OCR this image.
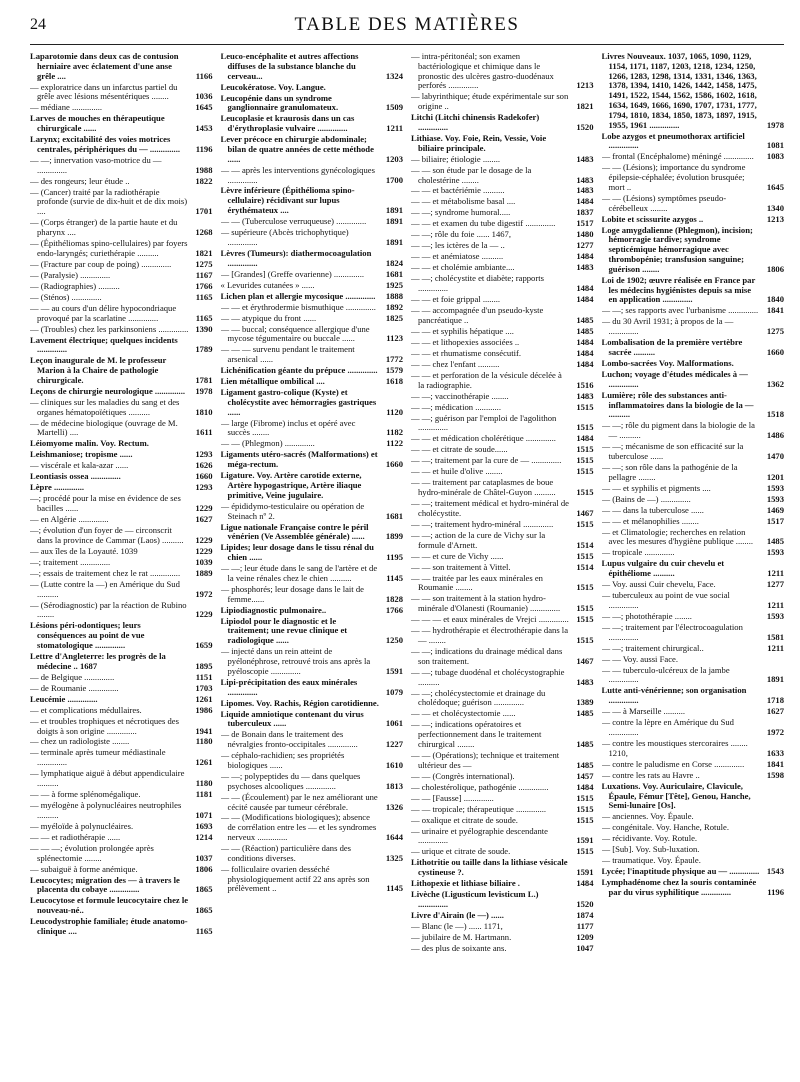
24	TABLE DES MATIÈRES
Laparotomie dans deux cas de contusion herniaire avec éclatement d'une anse grêle ....	1166
— exploratrice dans un infarctus partiel du grêle avec lésions mésentériques ........	1036
— médiane ..............	1645
Larves de mouches en thérapeutique chirurgicale ......	1453
Larynx; excitabilité des voies motrices centrales, périphériques du — ..............	1196
— —; innervation vaso-motrice du — ..............	1988
— des rongeurs; leur étude ..	1822
— (Cancer) traité par la radiothérapie profonde (survie de dix-huit et de dix mois) ....	1701
— (Corps étranger) de la partie haute et du pharynx ....	1268
— (Épithéliomas spino-cellulaires) par foyers endo-laryngés; curiethérapie ..........	1821
— (Fracture par coup de poing) ..............	1275
— (Paralysie) ..............	1167
— (Radiographies) ..........	1766
— (Sténos) ..............	1165
— — au cours d'un délire hypocondriaque provoqué par la scarlatine ..............	1165
— (Troubles) chez les parkinsoniens .............. 1390
Lavement électrique; quelques incidents ..............	1789
Leçon inaugurale de M. le professeur Marion à la Chaire de pathologie chirurgicale.	1781
Leçons de chirurgie neurologique ..............	1978
— cliniques sur les maladies du sang et des organes hématopoïétiques ..........	1810
— de médecine biologique (ouvrage de M. Martelli) ....	1611
Léiomyome malin. Voy. Rectum.
Leishmaniose; tropisme ......	1293
— viscérale et kala-azar ......	1626
Leontiasis ossea ..............	1660
Lèpre ..............	1293
—; procédé pour la mise en évidence de ses bacilles ......	1229
— en Algérie ..............	1627
—; évolution d'un foyer de — circonscrit dans la province de Cammar (Laos) ..........	1229
— aux îles de la Loyauté. 1039	1229
—; traitement ..............	1039
—; essais de traitement chez le rat ..............	1889
— (Lutte contre la —) en Amérique du Sud ..........	1972
— (Sérodiagnostic) par la réaction de Rubino ........	1229
Lésions péri-odontiques; leurs conséquences au point de vue stomatologique ..............	1659
Lettre d'Angleterre: les progrès de la médecine .. 1687	1895
— de Belgique ..............	1151
— de Roumanie ..............	1703
Leucémie ..............	1261
— et complications médullaires.	1986
— et troubles trophiques et nécrotiques des doigts à son origine ..............	1941
— chez un radiologiste ........	1180
— terminale après tumeur médiastinale ..............	1261
— lymphatique aiguë à début appendiculaire ..........	1180
— — à forme splénomégalique.	1181
— myélogène à polynucléaires neutrophiles ..........	1071
— myéloïde à polynucléaires.	1693
— — et radiothérapie ......	1214
— — —; évolution prolongée après splénectomie ........	1037
— subaiguë à forme anémique.	1806
Leucocytes; migration des — à travers le placenta du cobaye ..............	1865
Leucocytose et formule leucocytaire chez le nouveau-né..	1865
Leucodystrophie familiale; étude anatomo-clinique ....	1165
Leuco-encéphalite et autres affections diffuses de la substance blanche du cerveau...	1324
Leucokératose. Voy. Langue.
Leucopénie dans un syndrome ganglionnaire granulomateux.	1509
Leucoplasie et kraurosis dans un cas d'érythroplasie vulvaire ..............	1211
Lever précoce en chirurgie abdominale; bilan de quatre années de cette méthode ......	1203
— — après les interventions gynécologiques ..............	1700
Lèvre inférieure (Épithélioma spino-cellulaire) récidivant sur lupus érythémateux ....	1891
— — (Tuberculose verruqueuse) ..............	1891
— supérieure (Abcès trichophytique) ..............	1891
Lèvres (Tumeurs): diathermocoagulation ..............	1824
— [Grandes] (Greffe ovarienne) ..............	1681
« Levurides cutanées » ......	1925
Lichen plan et allergie mycosique ..............	1888
— — et érythrodermie bismuthique ..............	1892
— — atypique du front ......	1825
— — buccal; conséquence allergique d'une mycose tégumentaire ou buccale ......	1123
— — — survenu pendant le traitement arsenical ......	1772
Lichénification géante du prépuce .............. 1579
Lien métallique ombilical ....	1618
Ligament gastro-colique (Kyste) et cholécystite avec hémorragies gastriques ......	1120
— large (Fibrome) inclus et opéré avec succès ........	1182
— — (Phlegmon) ..............	1122
Ligaments utéro-sacrés (Malformations) et méga-rectum.	1660
Ligature. Voy. Artère carotide externe, Artère hypogastrique, Artère iliaque primitive, Veine jugulaire.
— épididymo-testiculaire ou opération de Steinach nº 2.	1681
Ligue nationale Française contre le péril vénérien (Ve Assemblée générale) ......	1899
Lipides; leur dosage dans le tissu rénal du chien ......	1195
— —; leur étude dans le sang de l'artère et de la veine rénales chez le chien ..........	1145
— phosphorés; leur dosage dans le lait de femme......	1828
Lipiodiagnostic pulmonaire..	1766
Lipiodol pour le diagnostic et le traitement; une revue clinique et radiologique ......	1250
— injecté dans un rein atteint de pyélonéphrose, retrouvé trois ans après la pyéloscopie ..............	1591
Lipi-précipitation des eaux minérales ..............	1079
Lipomes. Voy. Rachis, Région carotidienne.
Liquide amniotique contenant du virus tuberculeux ......	1061
— de Bonain dans le traitement des névralgies fronto-occipitales ..............	1227
— céphalo-rachidien; ses propriétés biologiques ......	1610
— —; polypeptides du — dans quelques psychoses alcooliques ..............	1813
— — (Écoulement) par le nez améliorant une cécité causée par tumeur cérébrale.	1326
— — (Modifications biologiques); absence de corrélation entre les — et les syndromes nerveux ..............	1644
— — (Réaction) particulière dans des conditions diverses.	1325
— folliculaire ovarien desséché physiologiquement actif 22 ans après son prélèvement ..	1145
— intra-péritonéal; son examen bactériologique et chimique dans le pronostic des ulcères gastro-duodénaux perforés ..............	1213
— labyrinthique; étude expérimentale sur son origine ..	1821
Litchi (Litchi chinensis Radekofer) ..............	1520
Lithiase. Voy. Foie, Rein, Vessie, Voie biliaire principale.
— biliaire; étiologie ........	1483
— — son étude par le dosage de la cholestérine ........	1483
— — et bactériémie ..........	1483
— — et métabolisme basal ....	1484
— —; syndrome humoral.....	1837
— — et examen du tube digestif ..............	1517
— —; rôle du foie ...... 1467,	1480
— —; les ictères de la — ..	1277
— — et anémiatose ..........	1484
— — et cholémie ambiante....	1483
— —; cholécystite et diabète; rapports ..............	1484
— — et foie grippal ........	1484
— — accompagnée d'un pseudo-kyste pancréatique ..	1485
— — et syphilis hépatique ....	1485
— — et lithopexies associées ..	1484
— — et rhumatisme consécutif.	1484
— — chez l'enfant ..........	1484
— — et perforation de la vésicule décelée à la radiographie.	1516
— —; vaccinothérapie ........	1483
— —; médication ............	1515
— —; guérison par l'emploi de l'agolithon ..............	1515
— — et médication cholérétique ..............	1484
— — et citrate de soude......	1515
— —; traitement par la cure de — ..............	1515
— — et huile d'olive ........	1515
— — traitement par cataplasmes de boue hydro-minérale de Châtel-Guyon ..........	1515
— —; traitement médical et hydro-minéral de cholécystite.	1467
— —; traitement hydro-minéral ..............	1515
— —; action de la cure de Vichy sur la formule d'Arnett.	1514
— — et cure de Vichy ......	1515
— — son traitement à Vittel.	1514
— — traitée par les eaux minérales en Roumanie ........	1515
— — son traitement à la station hydro-minérale d'Olanesti (Roumanie) ..............	1515
— — — et eaux minérales de Vrejci .............. 1515
— — hydrothérapie et électrothérapie dans la — ........	1515
— —; indications du drainage médical dans son traitement.	1467
— —; tubage duodénal et cholécystographie ..........	1483
— —; cholécystectomie et drainage du cholédoque; guérison ..............	1389
— — et cholécystectomie ......	1485
— —; indications opératoires et perfectionnement dans le traitement chirurgical ........	1485
— — (Opérations); technique et traitement ultérieur des —	1485
— — (Congrès international).	1457
— cholestérolique, pathogénie ..............	1484
— — [Fausse] ..............	1515
— — tropicale; thérapeutique ..............	1515
— oxalique et citrate de soude.	1515
— urinaire et pyélographie descendante ..............	1591
— urique et citrate de soude.	1515
Lithotritie ou taille dans la lithiase vésicale cystineuse ?.	1591
Lithopexie et lithiase biliaire .	1484
Livèche (Ligusticum levisticum L.) ..............	1520
Livre d'Airain (le —) ......	1874
— Blanc (le —) ...... 1171,	1177
— jubilaire de M. Hartmann.	1209
— des plus de soixante ans.	1047
Livres Nouveaux. 1037, 1065, 1090, 1129, 1154, 1171, 1187, 1203, 1218, 1234, 1250, 1266, 1283, 1298, 1314, 1331, 1346, 1363, 1378, 1394, 1410, 1426, 1442, 1458, 1475, 1491, 1522, 1544, 1562, 1586, 1602, 1618, 1634, 1649, 1666, 1690, 1707, 1731, 1777, 1794, 1810, 1834, 1850, 1873, 1897, 1915, 1955, 1961 ..............	1978
Lobe azygos et pneumothorax artificiel ..............	1081
— frontal (Encéphalome) méningé ..............	1083
— — (Lésions); importance du syndrome épilepsie-céphalée; évolution brusquée; mort ..	1645
— — (Lésions) symptômes pseudo-cérébelleux ........	1340
Lobite et scissurite azygos ..	1213
Loge amygdalienne (Phlegmon), incision; hémorragie tardive; syndrome septicémique hémorragique avec thrombopénie; transfusion sanguine; guérison ........	1806
Loi de 1902; œuvre réalisée en France par les médecins hygiénistes depuis sa mise en application ..............	1840
— —; ses rapports avec l'urbanisme ..............	1841
— du 30 Avril 1931; à propos de la — ..............	1275
Lombalisation de la première vertèbre sacrée ..........	1660
Lombo-sacrées Voy. Malformations.
Luchon; voyage d'études médicales à — ..............	1362
Lumière; rôle des substances anti-inflammatoires dans la biologie de la — ..........	1518
— —; rôle du pigment dans la biologie de la — ..........	1486
— —; mécanisme de son efficacité sur la tuberculose ......	1470
— —; son rôle dans la pathogénie de la pellagre ........	1201
— — et syphilis et pigments ....	1593
— (Bains de —) ..............	1593
— — dans la tuberculose ......	1469
— — et mélanophilies ........	1517
— et Climatologie; recherches en relation avec les mesures d'hygiène publique ........	1485
— tropicale ..............	1593
Lupus vulgaire du cuir chevelu et épithéliome ..........	1211
— Voy. aussi Cuir chevelu, Face.	1277
— tuberculeux au point de vue social ..............	1211
— —; photothérapie ........	1593
— —; traitement par l'électrocoagulation ..............	1581
— —; traitement chirurgical..	1211
— — Voy. aussi Face.
— — tuberculo-ulcéreux de la jambe ..............	1891
Lutte anti-vénérienne; son organisation ..............	1718
— — à Marseille ..........	1627
— contre la lèpre en Amérique du Sud ..............	1972
— contre les moustiques stercoraires ........ 1210,	1633
— contre le paludisme en Corse ..............	1841
— contre les rats au Havre ..	1598
Luxations. Voy. Auriculaire, Clavicule, Épaule, Fémur [Tête], Genou, Hanche, Semi-lunaire [Os].
— anciennes. Voy. Épaule.
— congénitale. Voy. Hanche, Rotule.
— récidivante. Voy. Rotule.
— [Sub]. Voy. Sub-luxation.
— traumatique. Voy. Épaule.
Lycée; l'inaptitude physique au — .............. 1543
Lymphadénome chez la souris contaminée par du virus syphilitique ..............	1196
